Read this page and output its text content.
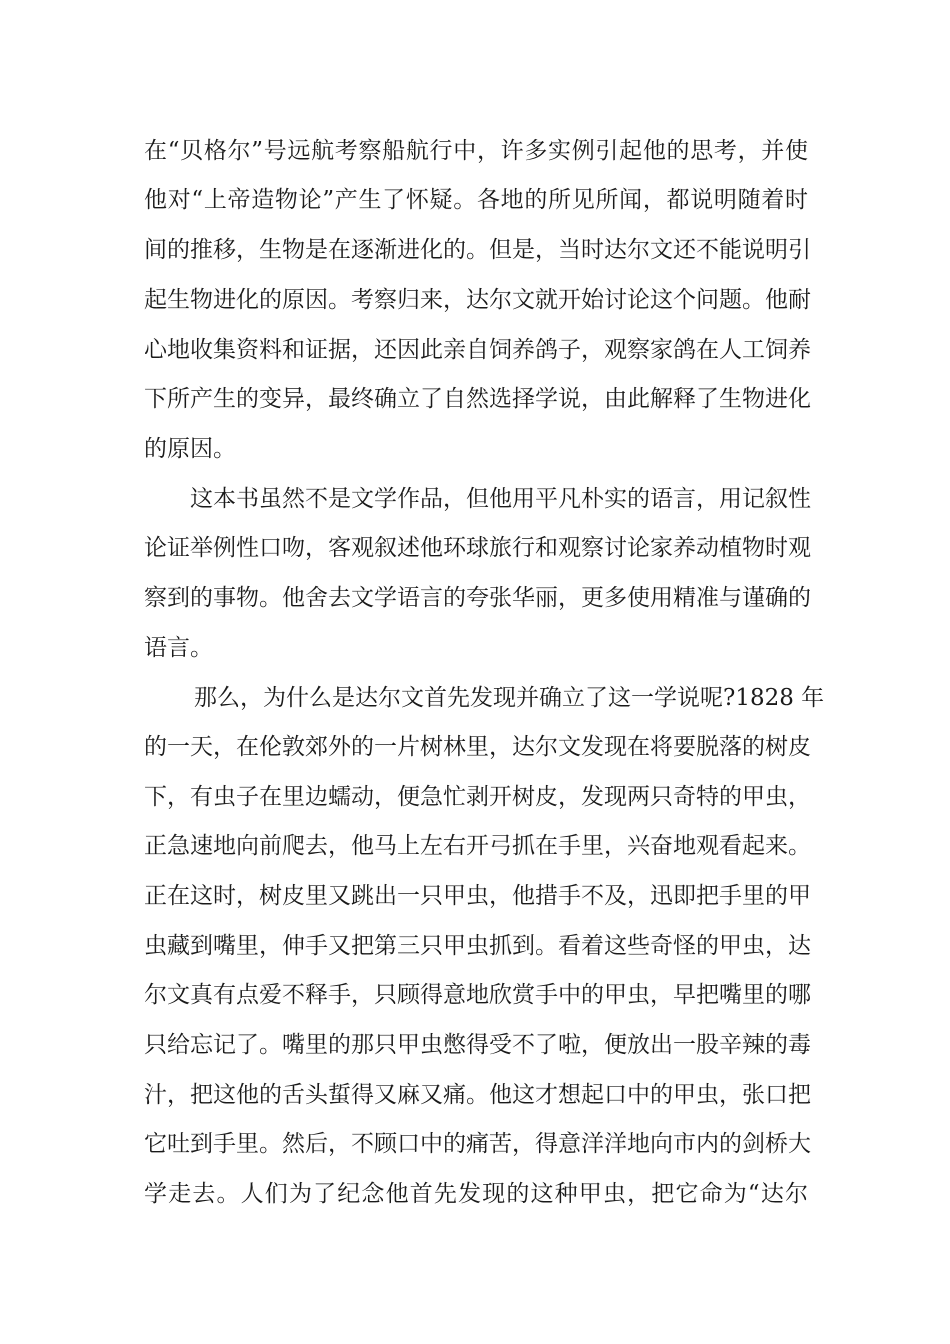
在“贝格尔”号远航考察船航行中，许多实例引起他的思考，并使
他对“上帝造物论”产生了怀疑。各地的所见所闻，都说明随着时
间的推移，生物是在逐渐进化的。但是，当时达尔文还不能说明引
起生物进化的原因。考察归来，达尔文就开始讨论这个问题。他耐
心地收集资料和证据，还因此亲自饲养鸽子，观察家鸽在人工饲养
下所产生的变异，最终确立了自然选择学说，由此解释了生物进化
的原因。
这本书虽然不是文学作品，但他用平凡朴实的语言，用记叙性
论证举例性口吻，客观叙述他环球旅行和观察讨论家养动植物时观
察到的事物。他舍去文学语言的夸张华丽，更多使用精准与谨确的
语言。
那么，为什么是达尔文首先发现并确立了这一学说呢?1828 年
的一天，在伦敦郊外的一片树林里，达尔文发现在将要脱落的树皮
下，有虫子在里边蠕动，便急忙剥开树皮，发现两只奇特的甲虫，
正急速地向前爬去，他马上左右开弓抓在手里，兴奋地观看起来。
正在这时，树皮里又跳出一只甲虫，他措手不及，迅即把手里的甲
虫藏到嘴里，伸手又把第三只甲虫抓到。看着这些奇怪的甲虫，达
尔文真有点爱不释手，只顾得意地欣赏手中的甲虫，早把嘴里的哪
只给忘记了。嘴里的那只甲虫憋得受不了啦，便放出一股辛辣的毒
汁，把这他的舌头蜇得又麻又痛。他这才想起口中的甲虫，张口把
它吐到手里。然后，不顾口中的痛苦，得意洋洋地向市内的剑桥大
学走去。人们为了纪念他首先发现的这种甲虫，把它命为“达尔
